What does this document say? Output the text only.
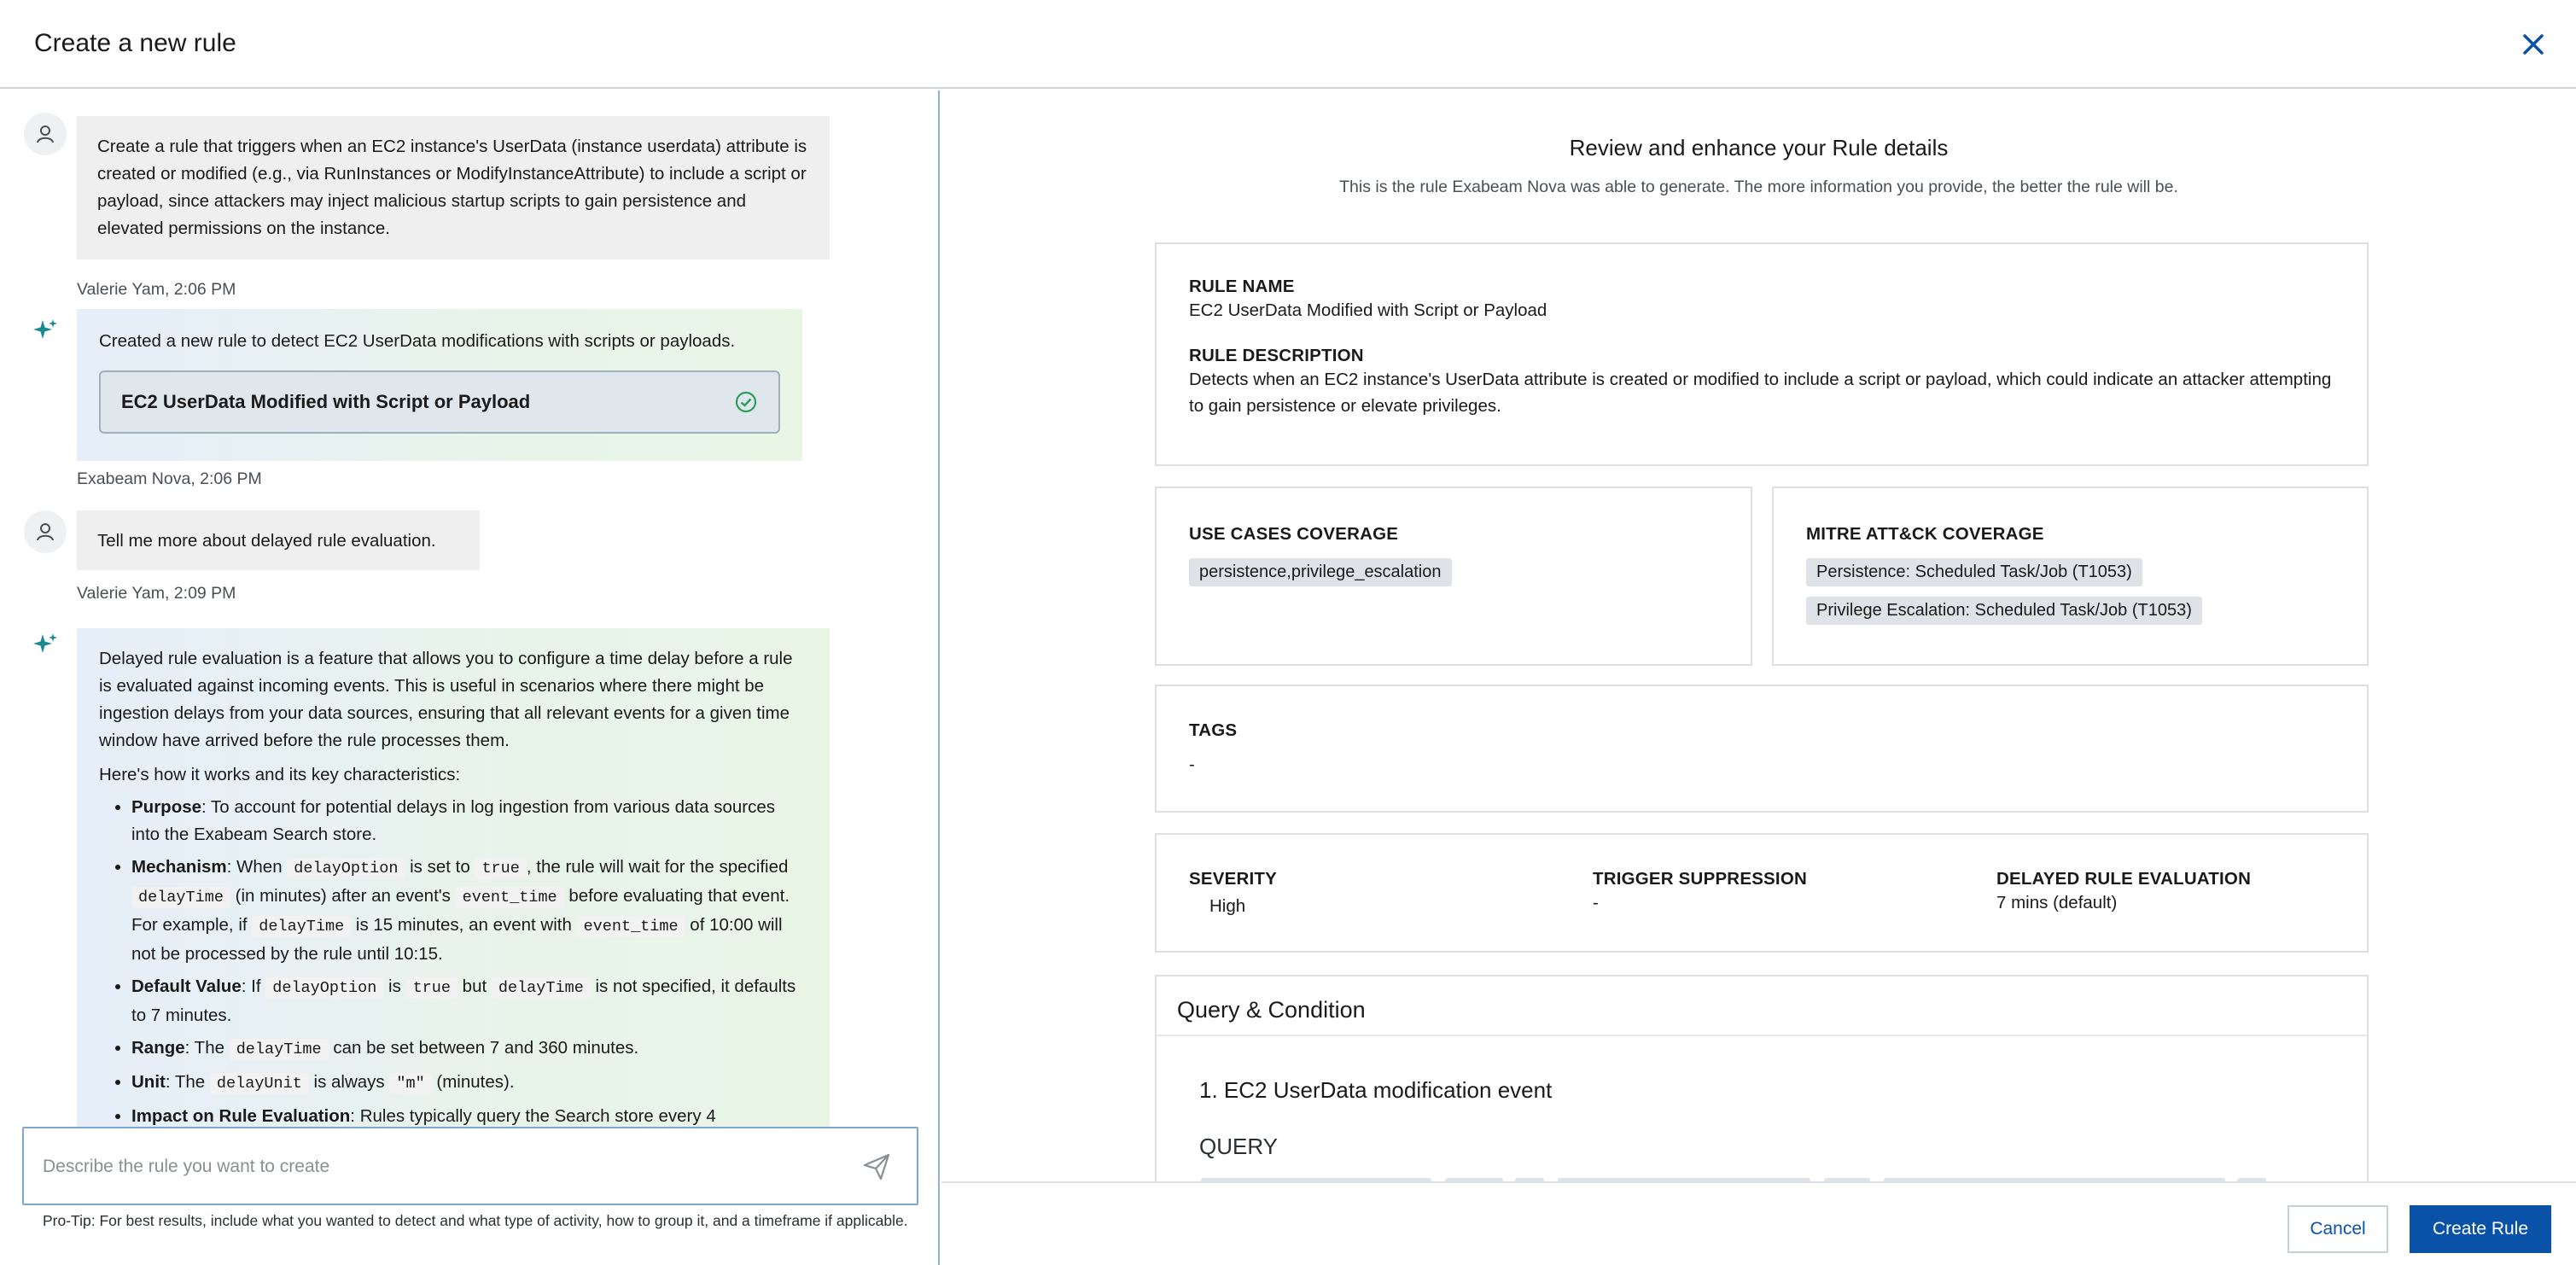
Create a new rule
Create a rule that triggers when an EC2 instance's UserData (instance userdata) attribute is created or modified (e.g., via RunInstances or ModifyInstanceAttribute) to include a script or payload, since attackers may inject malicious startup scripts to gain persistence and elevated permissions on the instance.
Valerie Yam, 2:06 PM
Created a new rule to detect EC2 UserData modifications with scripts or payloads.
EC2 UserData Modified with Script or Payload
Exabeam Nova, 2:06 PM
Tell me more about delayed rule evaluation.
Valerie Yam, 2:09 PM

Delayed rule evaluation is a feature that allows you to configure a time delay before a rule is evaluated against incoming events. This is useful in scenarios where there might be ingestion delays from your data sources, ensuring that all relevant events for a given time window have arrived before the rule processes them.

Here's how it works and its key characteristics:

• Purpose: To account for potential delays in log ingestion from various data sources into the Exabeam Search store.
• Mechanism: When delayOption is set to true , the rule will wait for the specified delayTime (in minutes) after an event's event_time before evaluating that event. For example, if delayTime is 15 minutes, an event with event_time of 10:00 will not be processed by the rule until 10:15.
• Default Value: If delayOption is true but delayTime is not specified, it defaults to 7 minutes.
• Range: The delayTime can be set between 7 and 360 minutes.
• Unit: The delayUnit is always "m" (minutes).
• Impact on Rule Evaluation: Rules typically query the Search store every 4
Describe the rule you want to create
Pro-Tip: For best results, include what you wanted to detect and what type of activity, how to group it, and a timeframe if applicable.
Review and enhance your Rule details
This is the rule Exabeam Nova was able to generate. The more information you provide, the better the rule will be.
RULE NAME
EC2 UserData Modified with Script or Payload
RULE DESCRIPTION
Detects when an EC2 instance's UserData attribute is created or modified to include a script or payload, which could indicate an attacker attempting to gain persistence or elevate privileges.
USE CASES COVERAGE
persistence,privilege_escalation
MITRE ATT&CK COVERAGE
Persistence: Scheduled Task/Job (T1053)
Privilege Escalation: Scheduled Task/Job (T1053)
TAGS
-
SEVERITY
High
TRIGGER SUPPRESSION
-
DELAYED RULE EVALUATION
7 mins (default)
Query & Condition
1. EC2 UserData modification event
QUERY
Cancel	Create Rule
